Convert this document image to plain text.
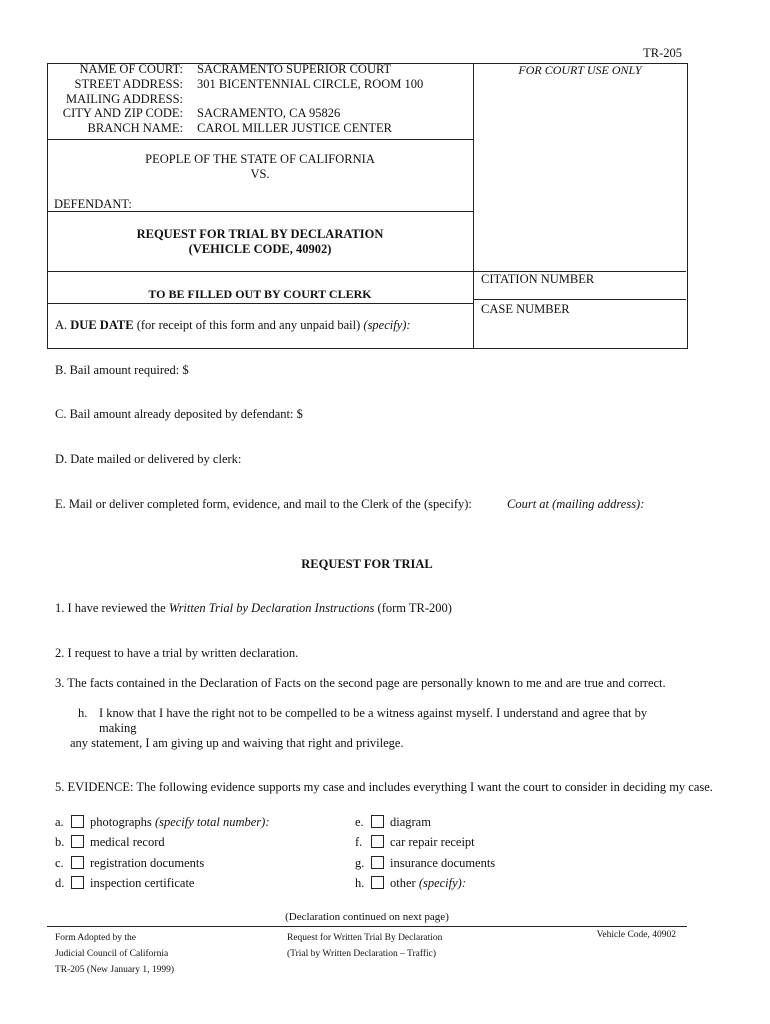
TR-205
NAME OF COURT:
STREET ADDRESS:
MAILING ADDRESS:
CITY AND ZIP CODE:
BRANCH NAME:
SACRAMENTO SUPERIOR COURT
301 BICENTENNIAL CIRCLE, ROOM 100
SACRAMENTO, CA 95826
CAROL MILLER JUSTICE CENTER
FOR COURT USE ONLY
PEOPLE OF THE STATE OF CALIFORNIA
VS.
DEFENDANT:
REQUEST FOR TRIAL BY DECLARATION
(VEHICLE CODE, 40902)
CITATION NUMBER
CASE NUMBER
TO BE FILLED OUT BY COURT CLERK
A. DUE DATE (for receipt of this form and any unpaid bail) (specify):
B. Bail amount required: $
C. Bail amount already deposited by defendant: $
D. Date mailed or delivered by clerk:
E. Mail or deliver completed form, evidence, and mail to the Clerk of the (specify):	Court at (mailing address):
REQUEST FOR TRIAL
1. I have reviewed the Written Trial by Declaration Instructions (form TR-200)
2. I request to have a trial by written declaration.
3. The facts contained in the Declaration of Facts on the second page are personally known to me and are true and correct.
h. I know that I have the right not to be compelled to be a witness against myself. I understand and agree that by
making
any statement, I am giving up and waiving that right and privilege.
5. EVIDENCE: The following evidence supports my case and includes everything I want the court to consider in deciding my case.
a. photographs (specify total number):
b. medical record
c. registration documents
d. inspection certificate
e. diagram
f. car repair receipt
g. insurance documents
h. other (specify):
(Declaration continued on next page)
Form Adopted by the
Judicial Council of California
TR-205 (New January 1, 1999)
Request for Written Trial By Declaration
(Trial by Written Declaration – Traffic)
Vehicle Code, 40902
